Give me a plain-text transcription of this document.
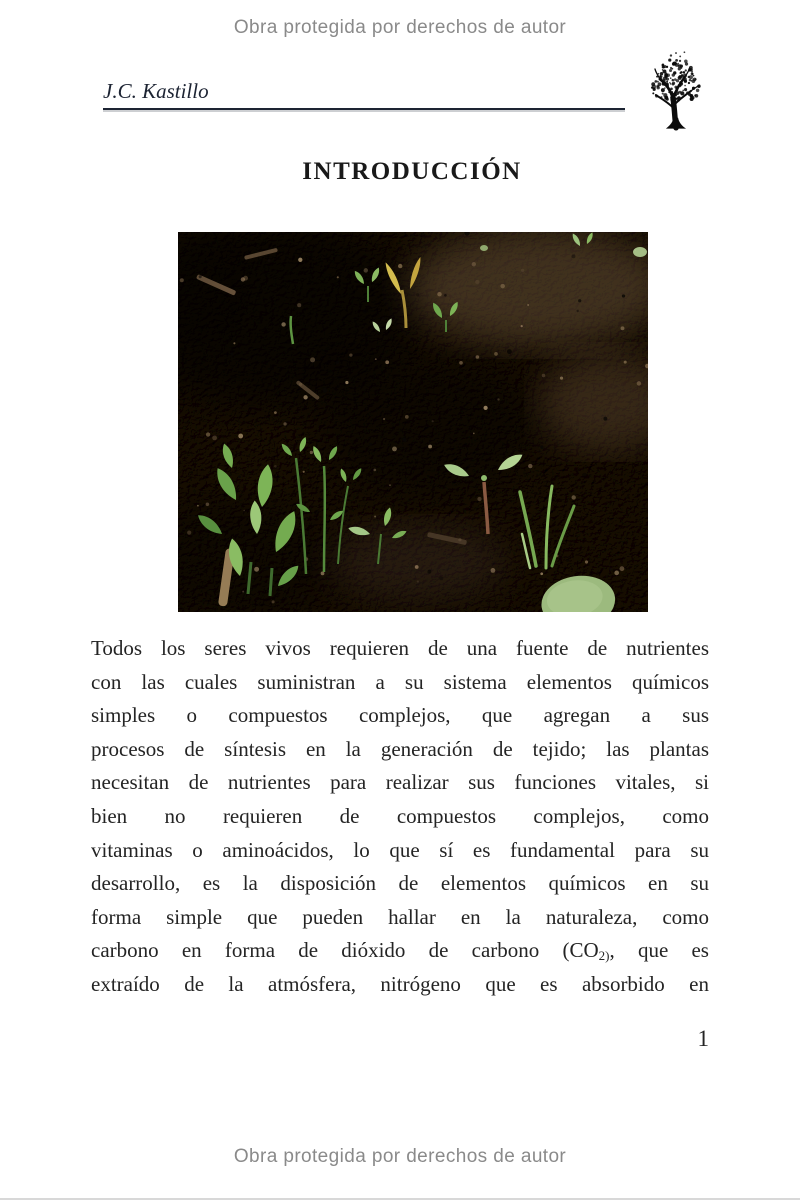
Obra protegida por derechos de autor
J.C. Kastillo
INTRODUCCIÓN
Todos los seres vivos requieren de una fuente de nutrientes
con las cuales suministran a su sistema elementos químicos
simples o compuestos complejos, que agregan a sus
procesos de síntesis en la generación de tejido; las plantas
necesitan de nutrientes para realizar sus funciones vitales, si
bien no requieren de compuestos complejos, como
vitaminas o aminoácidos, lo que sí es fundamental para su
desarrollo, es la disposición de elementos químicos en su
forma simple que pueden hallar en la naturaleza, como
carbono en forma de dióxido de carbono ($CO_{2)}$, que es
extraído de la atmósfera, nitrógeno que es absorbido en
1
Obra protegida por derechos de autor
